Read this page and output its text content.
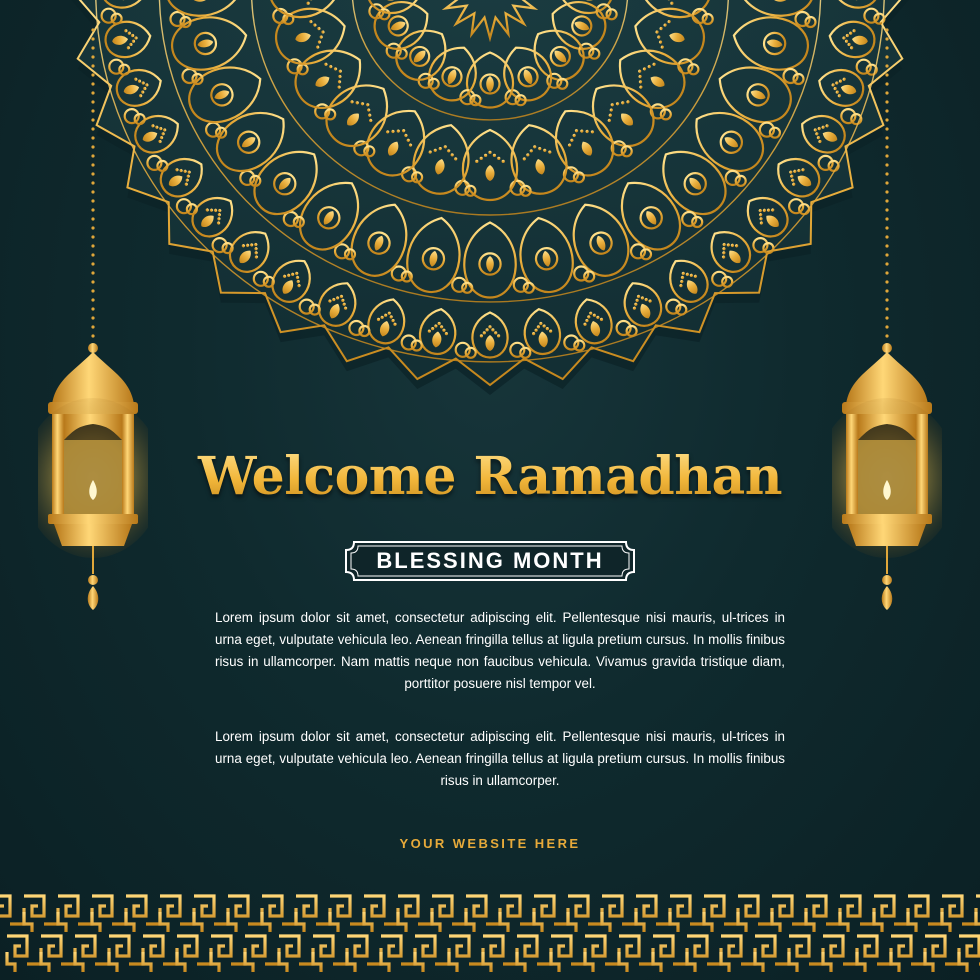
Welcome Ramadhan
BLESSING MONTH

Lorem ipsum dolor sit amet, consectetur adipiscing elit. Pellentesque nisi mauris, ul-trices in urna eget, vulputate vehicula leo. Aenean fringilla tellus at ligula pretium cursus. In mollis finibus risus in ullamcorper. Nam mattis neque non faucibus vehicula. Vivamus gravida tristique diam, porttitor posuere nisl tempor vel.

Lorem ipsum dolor sit amet, consectetur adipiscing elit. Pellentesque nisi mauris, ul-trices in urna eget, vulputate vehicula leo. Aenean fringilla tellus at ligula pretium cursus. In mollis finibus risus in ullamcorper.

YOUR WEBSITE HERE
